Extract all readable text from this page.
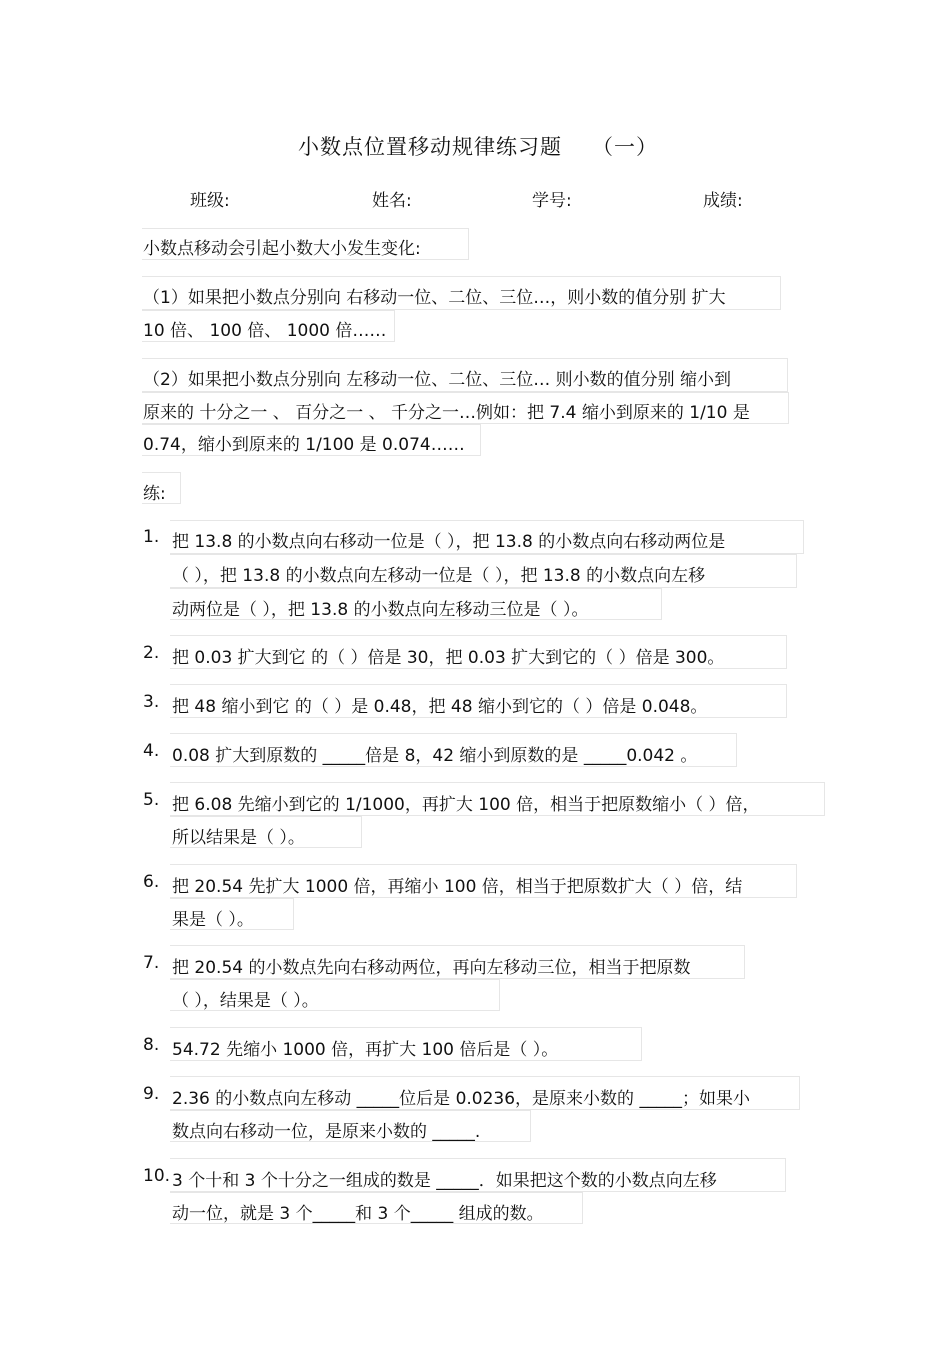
小数点位置移动规律练习题 （一）
班级:	姓名:	学号:	成绩:
小数点移动会引起小数大小发生变化:
（1）如果把小数点分别向 右移动一位、二位、三位…，则小数的值分别 扩大
10 倍、 100 倍、 1000 倍……
（2）如果把小数点分别向 左移动一位、二位、三位… 则小数的值分别 缩小到
原来的 十分之一 、 百分之一 、 千分之一…例如：把 7.4 缩小到原来的 1/10 是
0.74，缩小到原来的 1/100 是 0.074……
练:
1. 把 13.8 的小数点向右移动一位是（ ），把 13.8 的小数点向右移动两位是
（ ），把 13.8 的小数点向左移动一位是（ ），把 13.8 的小数点向左移
动两位是（ ），把 13.8 的小数点向左移动三位是（ ）。
2. 把 0.03 扩大到它 的（ ）倍是 30，把 0.03 扩大到它的（ ）倍是 300。
3. 把 48 缩小到它 的（ ）是 0.48，把 48 缩小到它的（ ）倍是 0.048。
4. 0.08 扩大到原数的 _____倍是 8，42 缩小到原数的是 _____0.042 。
5. 把 6.08 先缩小到它的 1/1000，再扩大 100 倍，相当于把原数缩小（ ）倍，
所以结果是（ ）。
6. 把 20.54 先扩大 1000 倍，再缩小 100 倍，相当于把原数扩大（ ）倍，结
果是（ ）。
7. 把 20.54 的小数点先向右移动两位，再向左移动三位，相当于把原数
（ ），结果是（ ）。
8. 54.72 先缩小 1000 倍，再扩大 100 倍后是（ ）。
9. 2.36 的小数点向左移动 _____位后是 0.0236，是原来小数的 _____；如果小
数点向右移动一位，是原来小数的 _____.
10. 3 个十和 3 个十分之一组成的数是 _____．如果把这个数的小数点向左移
动一位，就是 3 个_____和 3 个_____ 组成的数。
